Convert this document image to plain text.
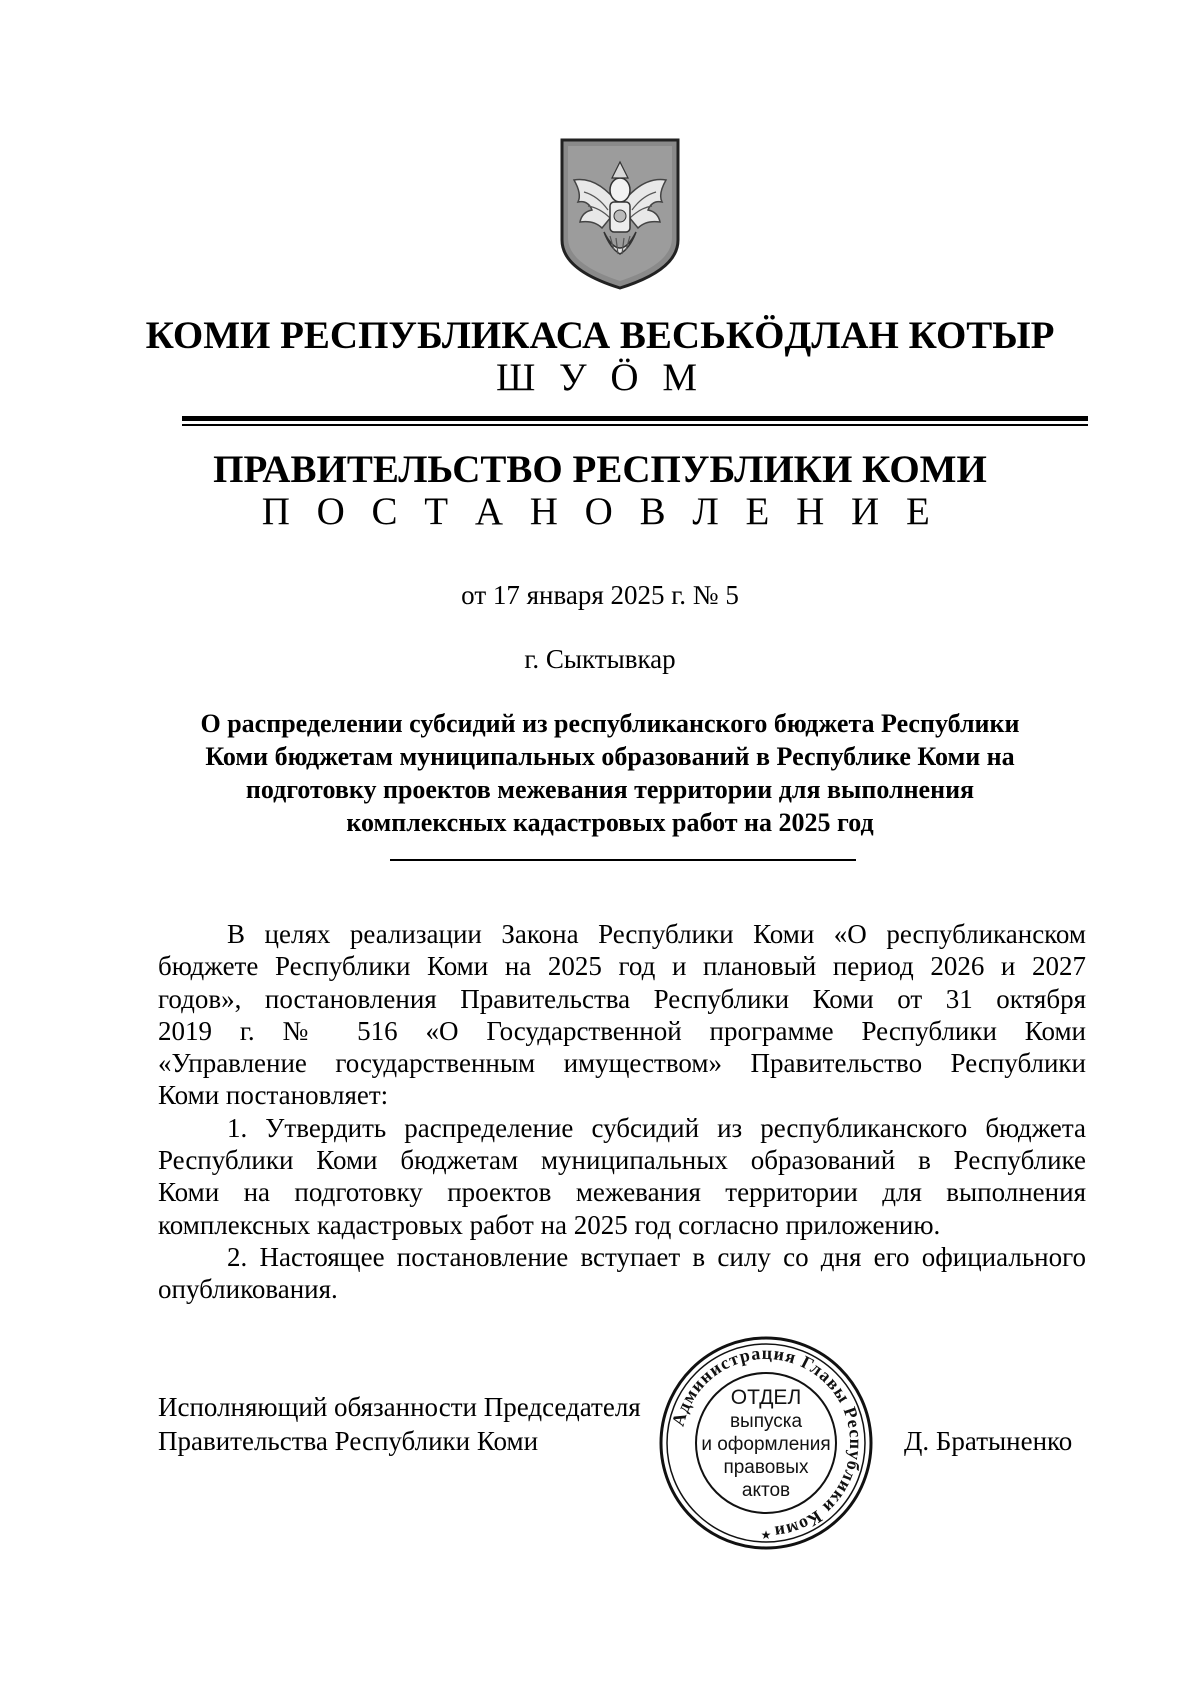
КОМИ РЕСПУБЛИКАСА ВЕСЬКӦДЛАН КОТЫР
Ш У Ӧ М
ПРАВИТЕЛЬСТВО РЕСПУБЛИКИ КОМИ
П О С Т А Н О В Л Е Н И Е
от 17 января 2025 г. № 5
г. Сыктывкар
О распределении субсидий из республиканского бюджета Республики
Коми бюджетам муниципальных образований в Республике Коми на
подготовку проектов межевания территории для выполнения
комплексных кадастровых работ на 2025 год
В целях реализации Закона Республики Коми «О республиканском
бюджете Республики Коми на 2025 год и плановый период 2026 и 2027
годов», постановления Правительства Республики Коми от 31 октября
2019 г. № 516 «О Государственной программе Республики Коми
«Управление государственным имуществом» Правительство Республики
Коми постановляет:
1. Утвердить распределение субсидий из республиканского бюджета
Республики Коми бюджетам муниципальных образований в Республике
Коми на подготовку проектов межевания территории для выполнения
комплексных кадастровых работ на 2025 год согласно приложению.
2. Настоящее постановление вступает в силу со дня его официального
опубликования.
Исполняющий обязанности Председателя
Правительства Республики Коми	Д. Братыненко
Администрация Главы Республики Коми
ОТДЕЛ
выпуска
и оформления
правовых
актов
★
